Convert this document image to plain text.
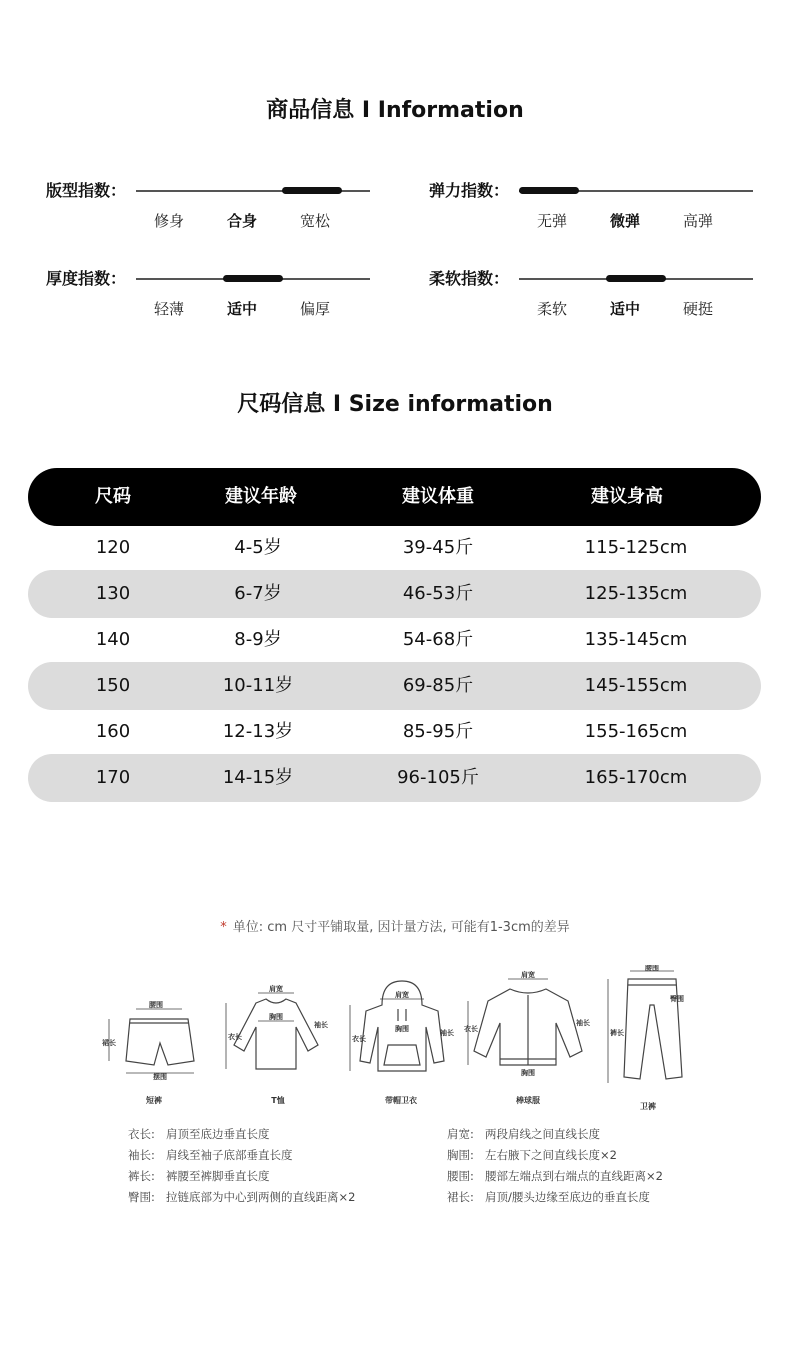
商品信息 I Information
版型指数：
修身	合身	宽松
弹力指数：
无弹	微弹	高弹
厚度指数：
轻薄	适中	偏厚
柔软指数：
柔软	适中	硬挺
尺码信息 I Size information
尺码	建议年龄	建议体重	建议身高
120	4-5岁	39-45斤	115-125cm
130	6-7岁	46-53斤	125-135cm
140	8-9岁	54-68斤	135-145cm
150	10-11岁	69-85斤	145-155cm
160	12-13岁	85-95斤	155-165cm
170	14-15岁	96-105斤	165-170cm
* 单位: cm 尺寸平铺取量, 因计量方法, 可能有1-3cm的差异
腰围
裙长
摆围
短裤
肩宽
胸围
衣长
袖长
T恤
肩宽
衣长
袖长
胸围
带帽卫衣
肩宽
衣长
袖长
胸围
棒球服
腰围
裤长
臀围
卫裤
衣长: 肩顶至底边垂直长度
袖长: 肩线至袖子底部垂直长度
裤长: 裤腰至裤脚垂直长度
臀围: 拉链底部为中心到两侧的直线距离×2
肩宽: 两段肩线之间直线长度
胸围: 左右腋下之间直线长度×2
腰围: 腰部左端点到右端点的直线距离×2
裙长: 肩顶/腰头边缘至底边的垂直长度
